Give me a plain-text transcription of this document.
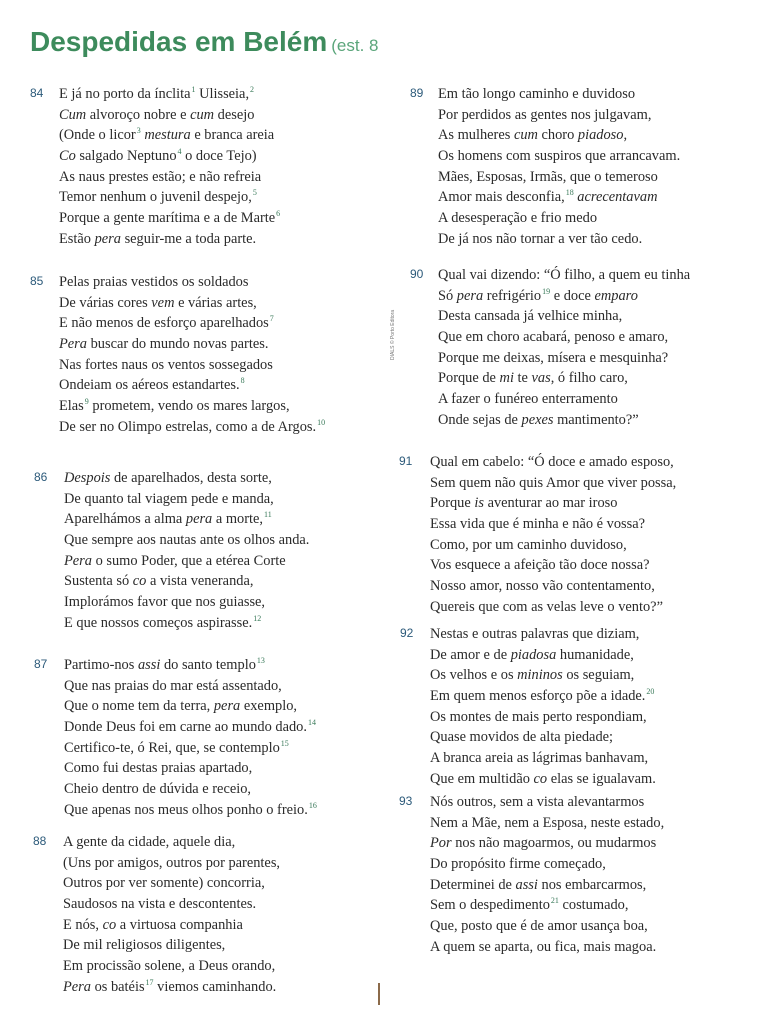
Despedidas em Belém (est. 8
DIALS © Porto Editora
84 E já no porto da ínclita$^1$ Ulisseia,$^2$
Cum alvoroço nobre e cum desejo
(Onde o licor$^3$ mestura e branca areia
Co salgado Neptuno$^4$ o doce Tejo)
As naus prestes estão; e não refreia
Temor nenhum o juvenil despejo,$^5$
Porque a gente marítima e a de Marte$^6$
Estão pera seguir-me a toda parte.
85 Pelas praias vestidos os soldados
De várias cores vem e várias artes,
E não menos de esforço aparelhados$^7$
Pera buscar do mundo novas partes.
Nas fortes naus os ventos sossegados
Ondeiam os aéreos estandartes.$^8$
Elas$^9$ prometem, vendo os mares largos,
De ser no Olimpo estrelas, como a de Argos.$^{10}$
86 Despois de aparelhados, desta sorte,
De quanto tal viagem pede e manda,
Aparelhámos a alma pera a morte,$^{11}$
Que sempre aos nautas ante os olhos anda.
Pera o sumo Poder, que a etérea Corte
Sustenta só co a vista veneranda,
Implorámos favor que nos guiasse,
E que nossos começos aspirasse.$^{12}$
87 Partimo-nos assi do santo templo$^{13}$
Que nas praias do mar está assentado,
Que o nome tem da terra, pera exemplo,
Donde Deus foi em carne ao mundo dado.$^{14}$
Certifico-te, ó Rei, que, se contemplo$^{15}$
Como fui destas praias apartado,
Cheio dentro de dúvida e receio,
Que apenas nos meus olhos ponho o freio.$^{16}$
88 A gente da cidade, aquele dia,
(Uns por amigos, outros por parentes,
Outros por ver somente) concorria,
Saudosos na vista e descontentes.
E nós, co a virtuosa companhia
De mil religiosos diligentes,
Em procissão solene, a Deus orando,
Pera os batéis$^{17}$ viemos caminhando.
89 Em tão longo caminho e duvidoso
Por perdidos as gentes nos julgavam,
As mulheres cum choro piadoso,
Os homens com suspiros que arrancavam.
Mães, Esposas, Irmãs, que o temeroso
Amor mais desconfia,$^{18}$ acrecentavam
A desesperação e frio medo
De já nos não tornar a ver tão cedo.
90 Qual vai dizendo: “Ó filho, a quem eu tinha
Só pera refrigério$^{19}$ e doce emparo
Desta cansada já velhice minha,
Que em choro acabará, penoso e amaro,
Porque me deixas, mísera e mesquinha?
Porque de mi te vas, ó filho caro,
A fazer o funéreo enterramento
Onde sejas de pexes mantimento?”
91 Qual em cabelo: “Ó doce e amado esposo,
Sem quem não quis Amor que viver possa,
Porque is aventurar ao mar iroso
Essa vida que é minha e não é vossa?
Como, por um caminho duvidoso,
Vos esquece a afeição tão doce nossa?
Nosso amor, nosso vão contentamento,
Quereis que com as velas leve o vento?”
92 Nestas e outras palavras que diziam,
De amor e de piadosa humanidade,
Os velhos e os mininos os seguiam,
Em quem menos esforço põe a idade.$^{20}$
Os montes de mais perto respondiam,
Quase movidos de alta piedade;
A branca areia as lágrimas banhavam,
Que em multidão co elas se igualavam.
93 Nós outros, sem a vista alevantarmos
Nem a Mãe, nem a Esposa, neste estado,
Por nos não magoarmos, ou mudarmos
Do propósito firme começado,
Determinei de assi nos embarcarmos,
Sem o despedimento$^{21}$ costumado,
Que, posto que é de amor usança boa,
A quem se aparta, ou fica, mais magoa.
